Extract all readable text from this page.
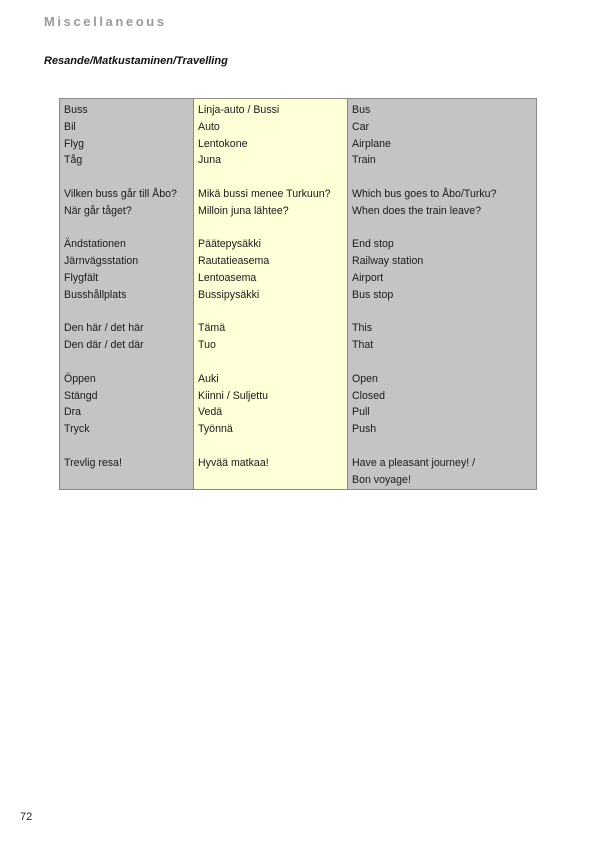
Miscellaneous
Resande/Matkustaminen/Travelling
Buss
Bil
Flyg
Tåg
Vilken buss går till Åbo?
När går tåget?
Ändstationen
Järnvägsstation
Flygfält
Busshållplats
Den här / det här
Den där / det där
Öppen
Stängd
Dra
Tryck
Trevlig resa!
Linja-auto / Bussi
Auto
Lentokone
Juna
Mikä bussi menee Turkuun?
Milloin juna lähtee?
Päätepysäkki
Rautatieasema
Lentoasema
Bussipysäkki
Tämä
Tuo
Auki
Kiinni / Suljettu
Vedä
Työnnä
Hyvää matkaa!
Bus
Car
Airplane
Train
Which bus goes to Åbo/Turku?
When does the train leave?
End stop
Railway station
Airport
Bus stop
This
That
Open
Closed
Pull
Push
Have a pleasant journey! /
Bon voyage!
72
